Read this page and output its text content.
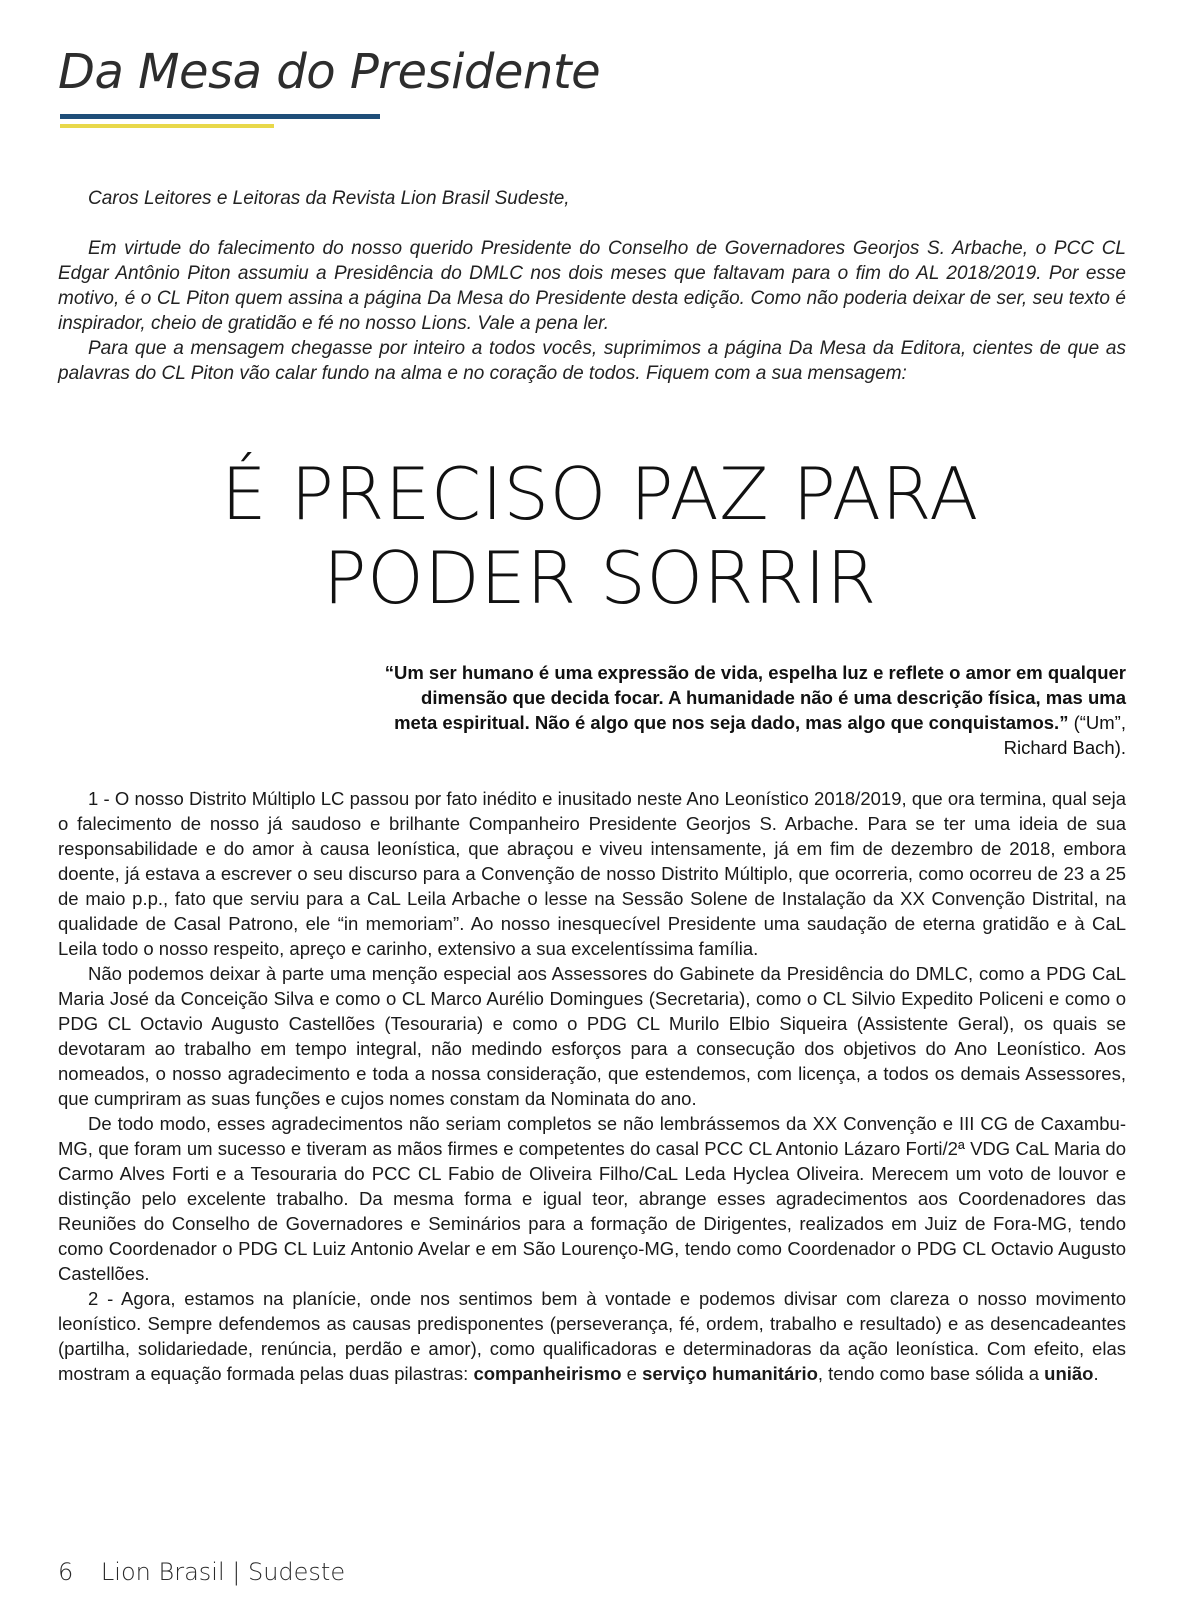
Da Mesa do Presidente

Caros Leitores e Leitoras da Revista Lion Brasil Sudeste,

Em virtude do falecimento do nosso querido Presidente do Conselho de Governadores Georjos S. Arbache, o PCC CL Edgar Antônio Piton assumiu a Presidência do DMLC nos dois meses que faltavam para o fim do AL 2018/2019. Por esse motivo, é o CL Piton quem assina a página Da Mesa do Presidente desta edição. Como não poderia deixar de ser, seu texto é inspirador, cheio de gratidão e fé no nosso Lions. Vale a pena ler.

Para que a mensagem chegasse por inteiro a todos vocês, suprimimos a página Da Mesa da Editora, cientes de que as palavras do CL Piton vão calar fundo na alma e no coração de todos. Fiquem com a sua mensagem:

É PRECISO PAZ PARA
PODER SORRIR
“Um ser humano é uma expressão de vida, espelha luz e reflete o amor em qualquer dimensão que decida focar. A humanidade não é uma descrição física, mas uma meta espiritual. Não é algo que nos seja dado, mas algo que conquistamos.” (“Um”, Richard Bach).

1 - O nosso Distrito Múltiplo LC passou por fato inédito e inusitado neste Ano Leonístico 2018/2019, que ora termina, qual seja o falecimento de nosso já saudoso e brilhante Companheiro Presidente Georjos S. Arbache. Para se ter uma ideia de sua responsabilidade e do amor à causa leonística, que abraçou e viveu intensamente, já em fim de dezembro de 2018, embora doente, já estava a escrever o seu discurso para a Convenção de nosso Distrito Múltiplo, que ocorreria, como ocorreu de 23 a 25 de maio p.p., fato que serviu para a CaL Leila Arbache o lesse na Sessão Solene de Instalação da XX Convenção Distrital, na qualidade de Casal Patrono, ele “in memoriam”. Ao nosso inesquecível Presidente uma saudação de eterna gratidão e à CaL Leila todo o nosso respeito, apreço e carinho, extensivo a sua excelentíssima família.

Não podemos deixar à parte uma menção especial aos Assessores do Gabinete da Presidência do DMLC, como a PDG CaL Maria José da Conceição Silva e como o CL Marco Aurélio Domingues (Secretaria), como o CL Silvio Expedito Policeni e como o PDG CL Octavio Augusto Castellões (Tesouraria) e como o PDG CL Murilo Elbio Siqueira (Assistente Geral), os quais se devotaram ao trabalho em tempo integral, não medindo esforços para a consecução dos objetivos do Ano Leonístico. Aos nomeados, o nosso agradecimento e toda a nossa consideração, que estendemos, com licença, a todos os demais Assessores, que cumpriram as suas funções e cujos nomes constam da Nominata do ano.

De todo modo, esses agradecimentos não seriam completos se não lembrássemos da XX Convenção e III CG de Caxambu-MG, que foram um sucesso e tiveram as mãos firmes e competentes do casal PCC CL Antonio Lázaro Forti/2ª VDG CaL Maria do Carmo Alves Forti e a Tesouraria do PCC CL Fabio de Oliveira Filho/CaL Leda Hyclea Oliveira. Merecem um voto de louvor e distinção pelo excelente trabalho. Da mesma forma e igual teor, abrange esses agradecimentos aos Coordenadores das Reuniões do Conselho de Governadores e Seminários para a formação de Dirigentes, realizados em Juiz de Fora-MG, tendo como Coordenador o PDG CL Luiz Antonio Avelar e em São Lourenço-MG, tendo como Coordenador o PDG CL Octavio Augusto Castellões.

2 - Agora, estamos na planície, onde nos sentimos bem à vontade e podemos divisar com clareza o nosso movimento leonístico. Sempre defendemos as causas predisponentes (perseverança, fé, ordem, trabalho e resultado) e as desencadeantes (partilha, solidariedade, renúncia, perdão e amor), como qualificadoras e determinadoras da ação leonística. Com efeito, elas mostram a equação formada pelas duas pilastras: companheirismo e serviço humanitário, tendo como base sólida a união.

6 Lion Brasil | Sudeste
